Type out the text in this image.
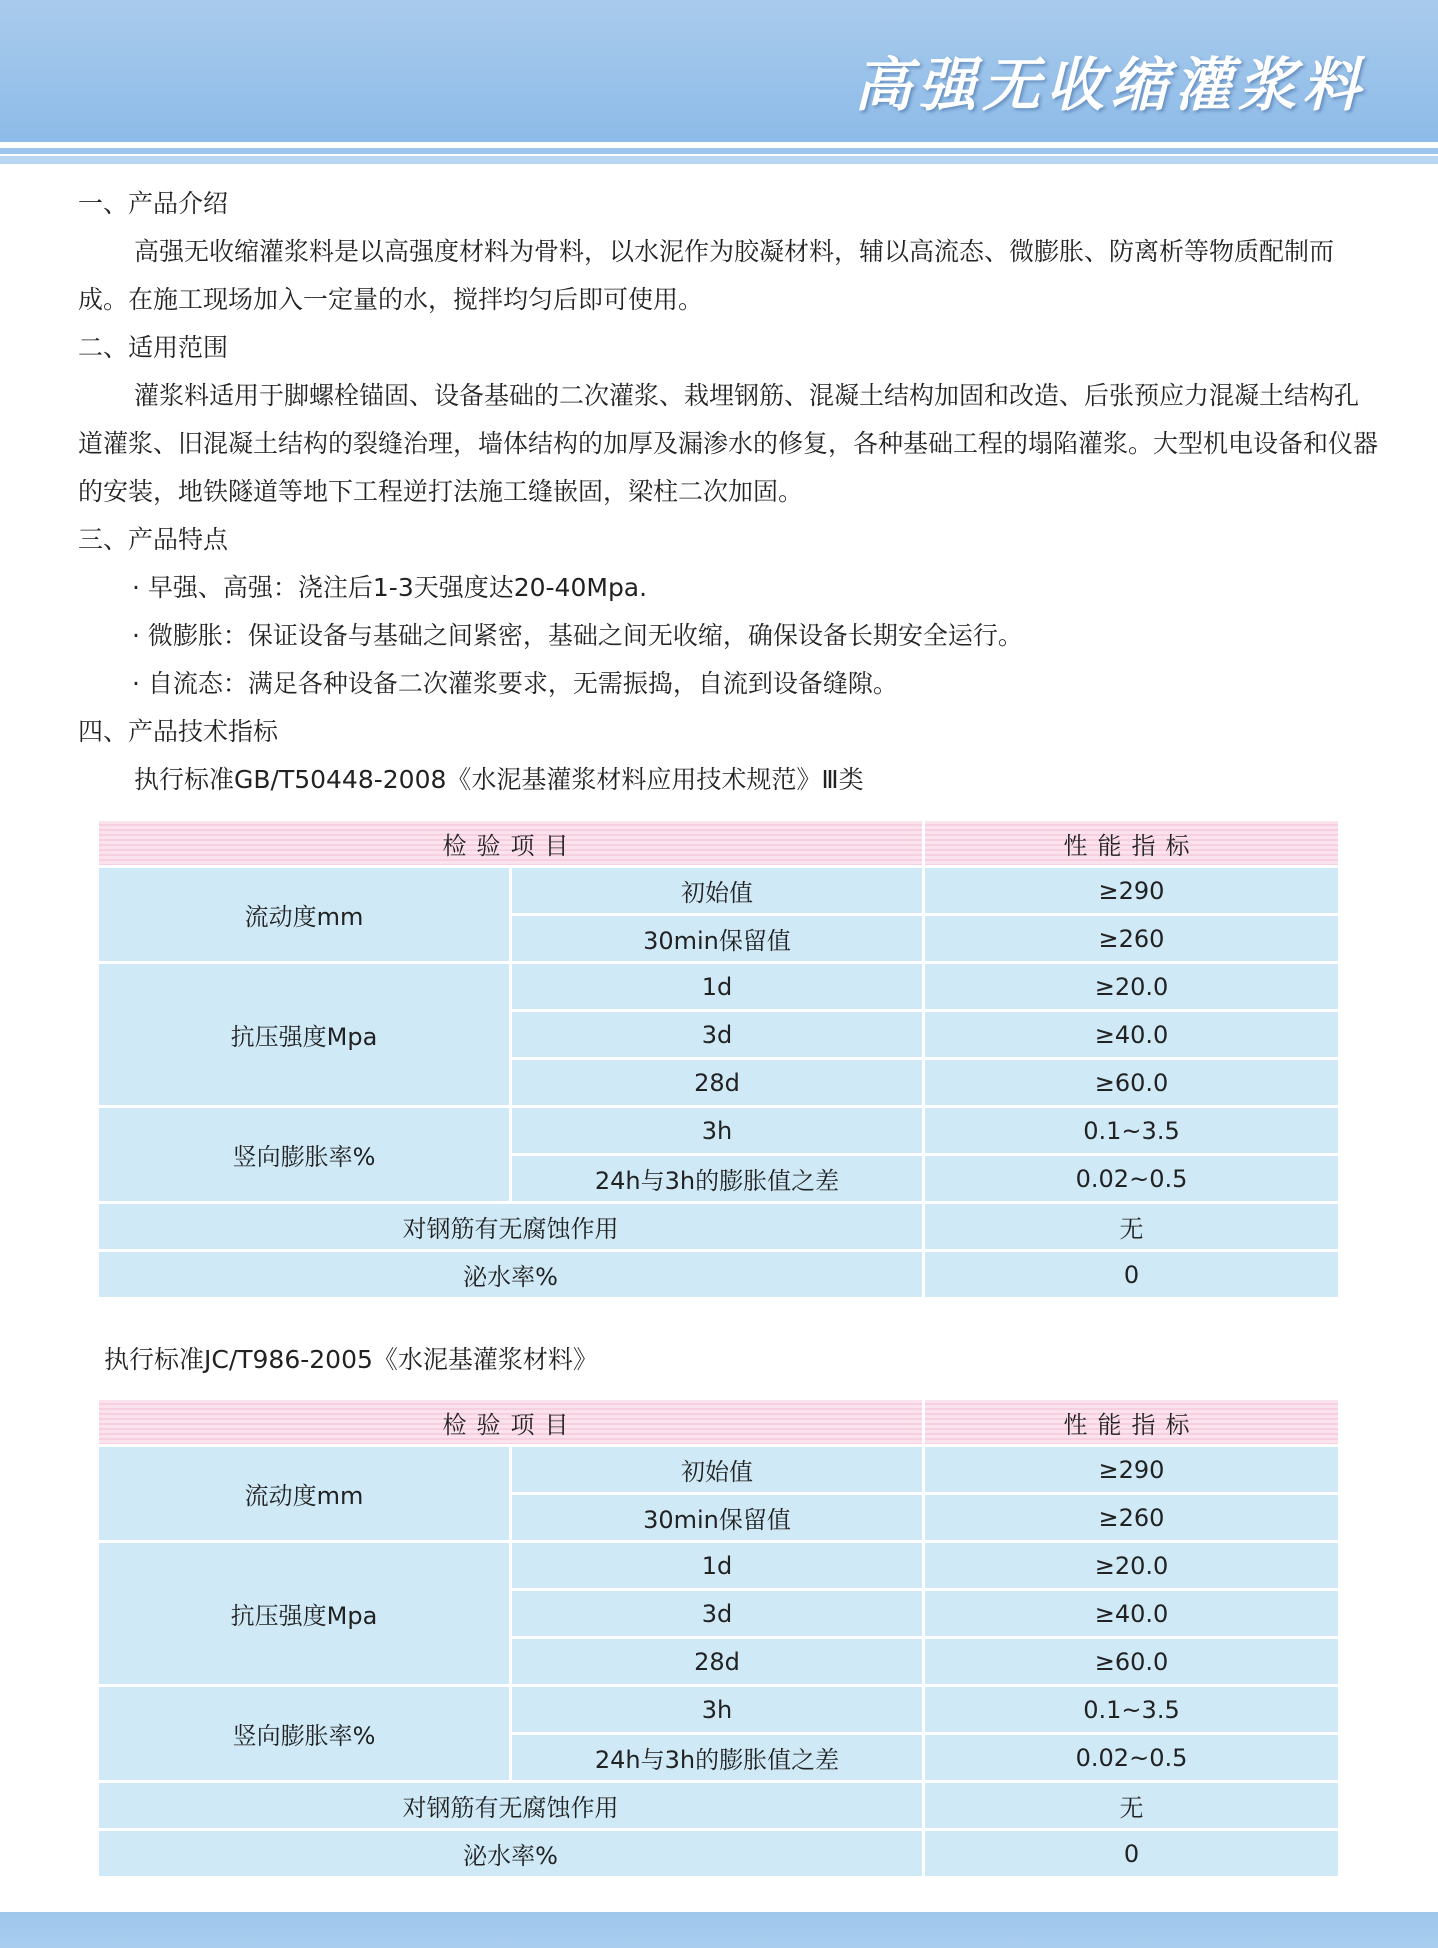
高强无收缩灌浆料

一、产品介绍

高强无收缩灌浆料是以高强度材料为骨料，以水泥作为胶凝材料，辅以高流态、微膨胀、防离析等物质配制而成。在施工现场加入一定量的水，搅拌均匀后即可使用。

二、适用范围

灌浆料适用于脚螺栓锚固、设备基础的二次灌浆、栽埋钢筋、混凝土结构加固和改造、后张预应力混凝土结构孔道灌浆、旧混凝土结构的裂缝治理，墙体结构的加厚及漏渗水的修复，各种基础工程的塌陷灌浆。大型机电设备和仪器的安装，地铁隧道等地下工程逆打法施工缝嵌固，梁柱二次加固。

三、产品特点

· 早强、高强：浇注后1-3天强度达20-40Mpa.

· 微膨胀：保证设备与基础之间紧密，基础之间无收缩，确保设备长期安全运行。

· 自流态：满足各种设备二次灌浆要求，无需振捣，自流到设备缝隙。

四、产品技术指标

执行标准GB/T50448-2008《水泥基灌浆材料应用技术规范》Ⅲ类

检验项目		性能指标
流动度mm	初始值	≥290
	30min保留值	≥260
抗压强度Mpa	1d	≥20.0
	3d	≥40.0
	28d	≥60.0
竖向膨胀率%	3h	0.1~3.5
	24h与3h的膨胀值之差	0.02~0.5
对钢筋有无腐蚀作用		无
泌水率%		0
执行标准JC/T986-2005《水泥基灌浆材料》
检验项目		性能指标
流动度mm	初始值	≥290
	30min保留值	≥260
抗压强度Mpa	1d	≥20.0
	3d	≥40.0
	28d	≥60.0
竖向膨胀率%	3h	0.1~3.5
	24h与3h的膨胀值之差	0.02~0.5
对钢筋有无腐蚀作用		无
泌水率%		0
